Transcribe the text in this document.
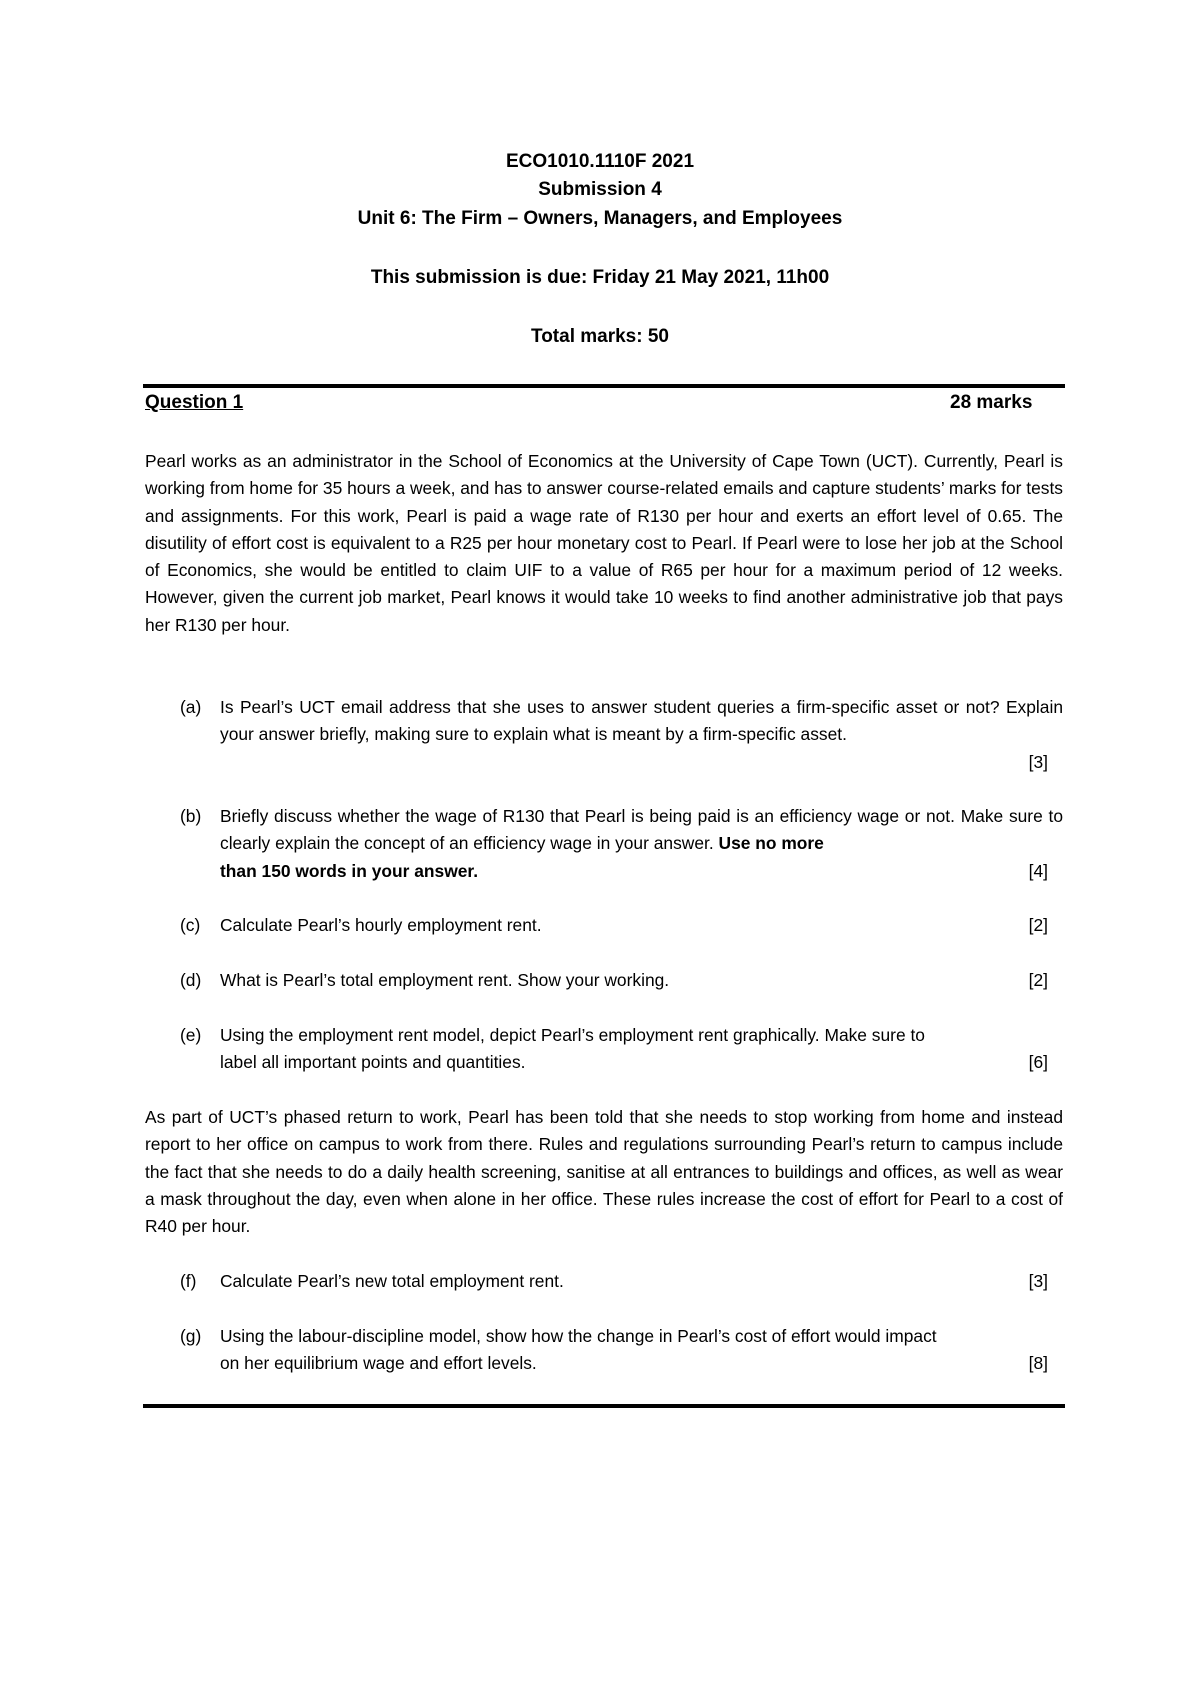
ECO1010.1110F 2021
Submission 4
Unit 6: The Firm – Owners, Managers, and Employees
This submission is due: Friday 21 May 2021, 11h00
Total marks: 50
Question 1	28 marks
Pearl works as an administrator in the School of Economics at the University of Cape Town (UCT). Currently, Pearl is working from home for 35 hours a week, and has to answer course-related emails and capture students’ marks for tests and assignments. For this work, Pearl is paid a wage rate of R130 per hour and exerts an effort level of 0.65. The disutility of effort cost is equivalent to a R25 per hour monetary cost to Pearl. If Pearl were to lose her job at the School of Economics, she would be entitled to claim UIF to a value of R65 per hour for a maximum period of 12 weeks. However, given the current job market, Pearl knows it would take 10 weeks to find another administrative job that pays her R130 per hour.
(a) Is Pearl’s UCT email address that she uses to answer student queries a firm-specific asset or not? Explain your answer briefly, making sure to explain what is meant by a firm-specific asset.
[3]
(b) Briefly discuss whether the wage of R130 that Pearl is being paid is an efficiency wage or not. Make sure to clearly explain the concept of an efficiency wage in your answer. Use no more
than 150 words in your answer.	[4]
(c) Calculate Pearl’s hourly employment rent.	[2]
(d) What is Pearl’s total employment rent. Show your working.	[2]
(e) Using the employment rent model, depict Pearl’s employment rent graphically. Make sure to
label all important points and quantities.	[6]
As part of UCT’s phased return to work, Pearl has been told that she needs to stop working from home and instead report to her office on campus to work from there. Rules and regulations surrounding Pearl’s return to campus include the fact that she needs to do a daily health screening, sanitise at all entrances to buildings and offices, as well as wear a mask throughout the day, even when alone in her office. These rules increase the cost of effort for Pearl to a cost of R40 per hour.
(f) Calculate Pearl’s new total employment rent.	[3]
(g) Using the labour-discipline model, show how the change in Pearl’s cost of effort would impact
on her equilibrium wage and effort levels.	[8]
